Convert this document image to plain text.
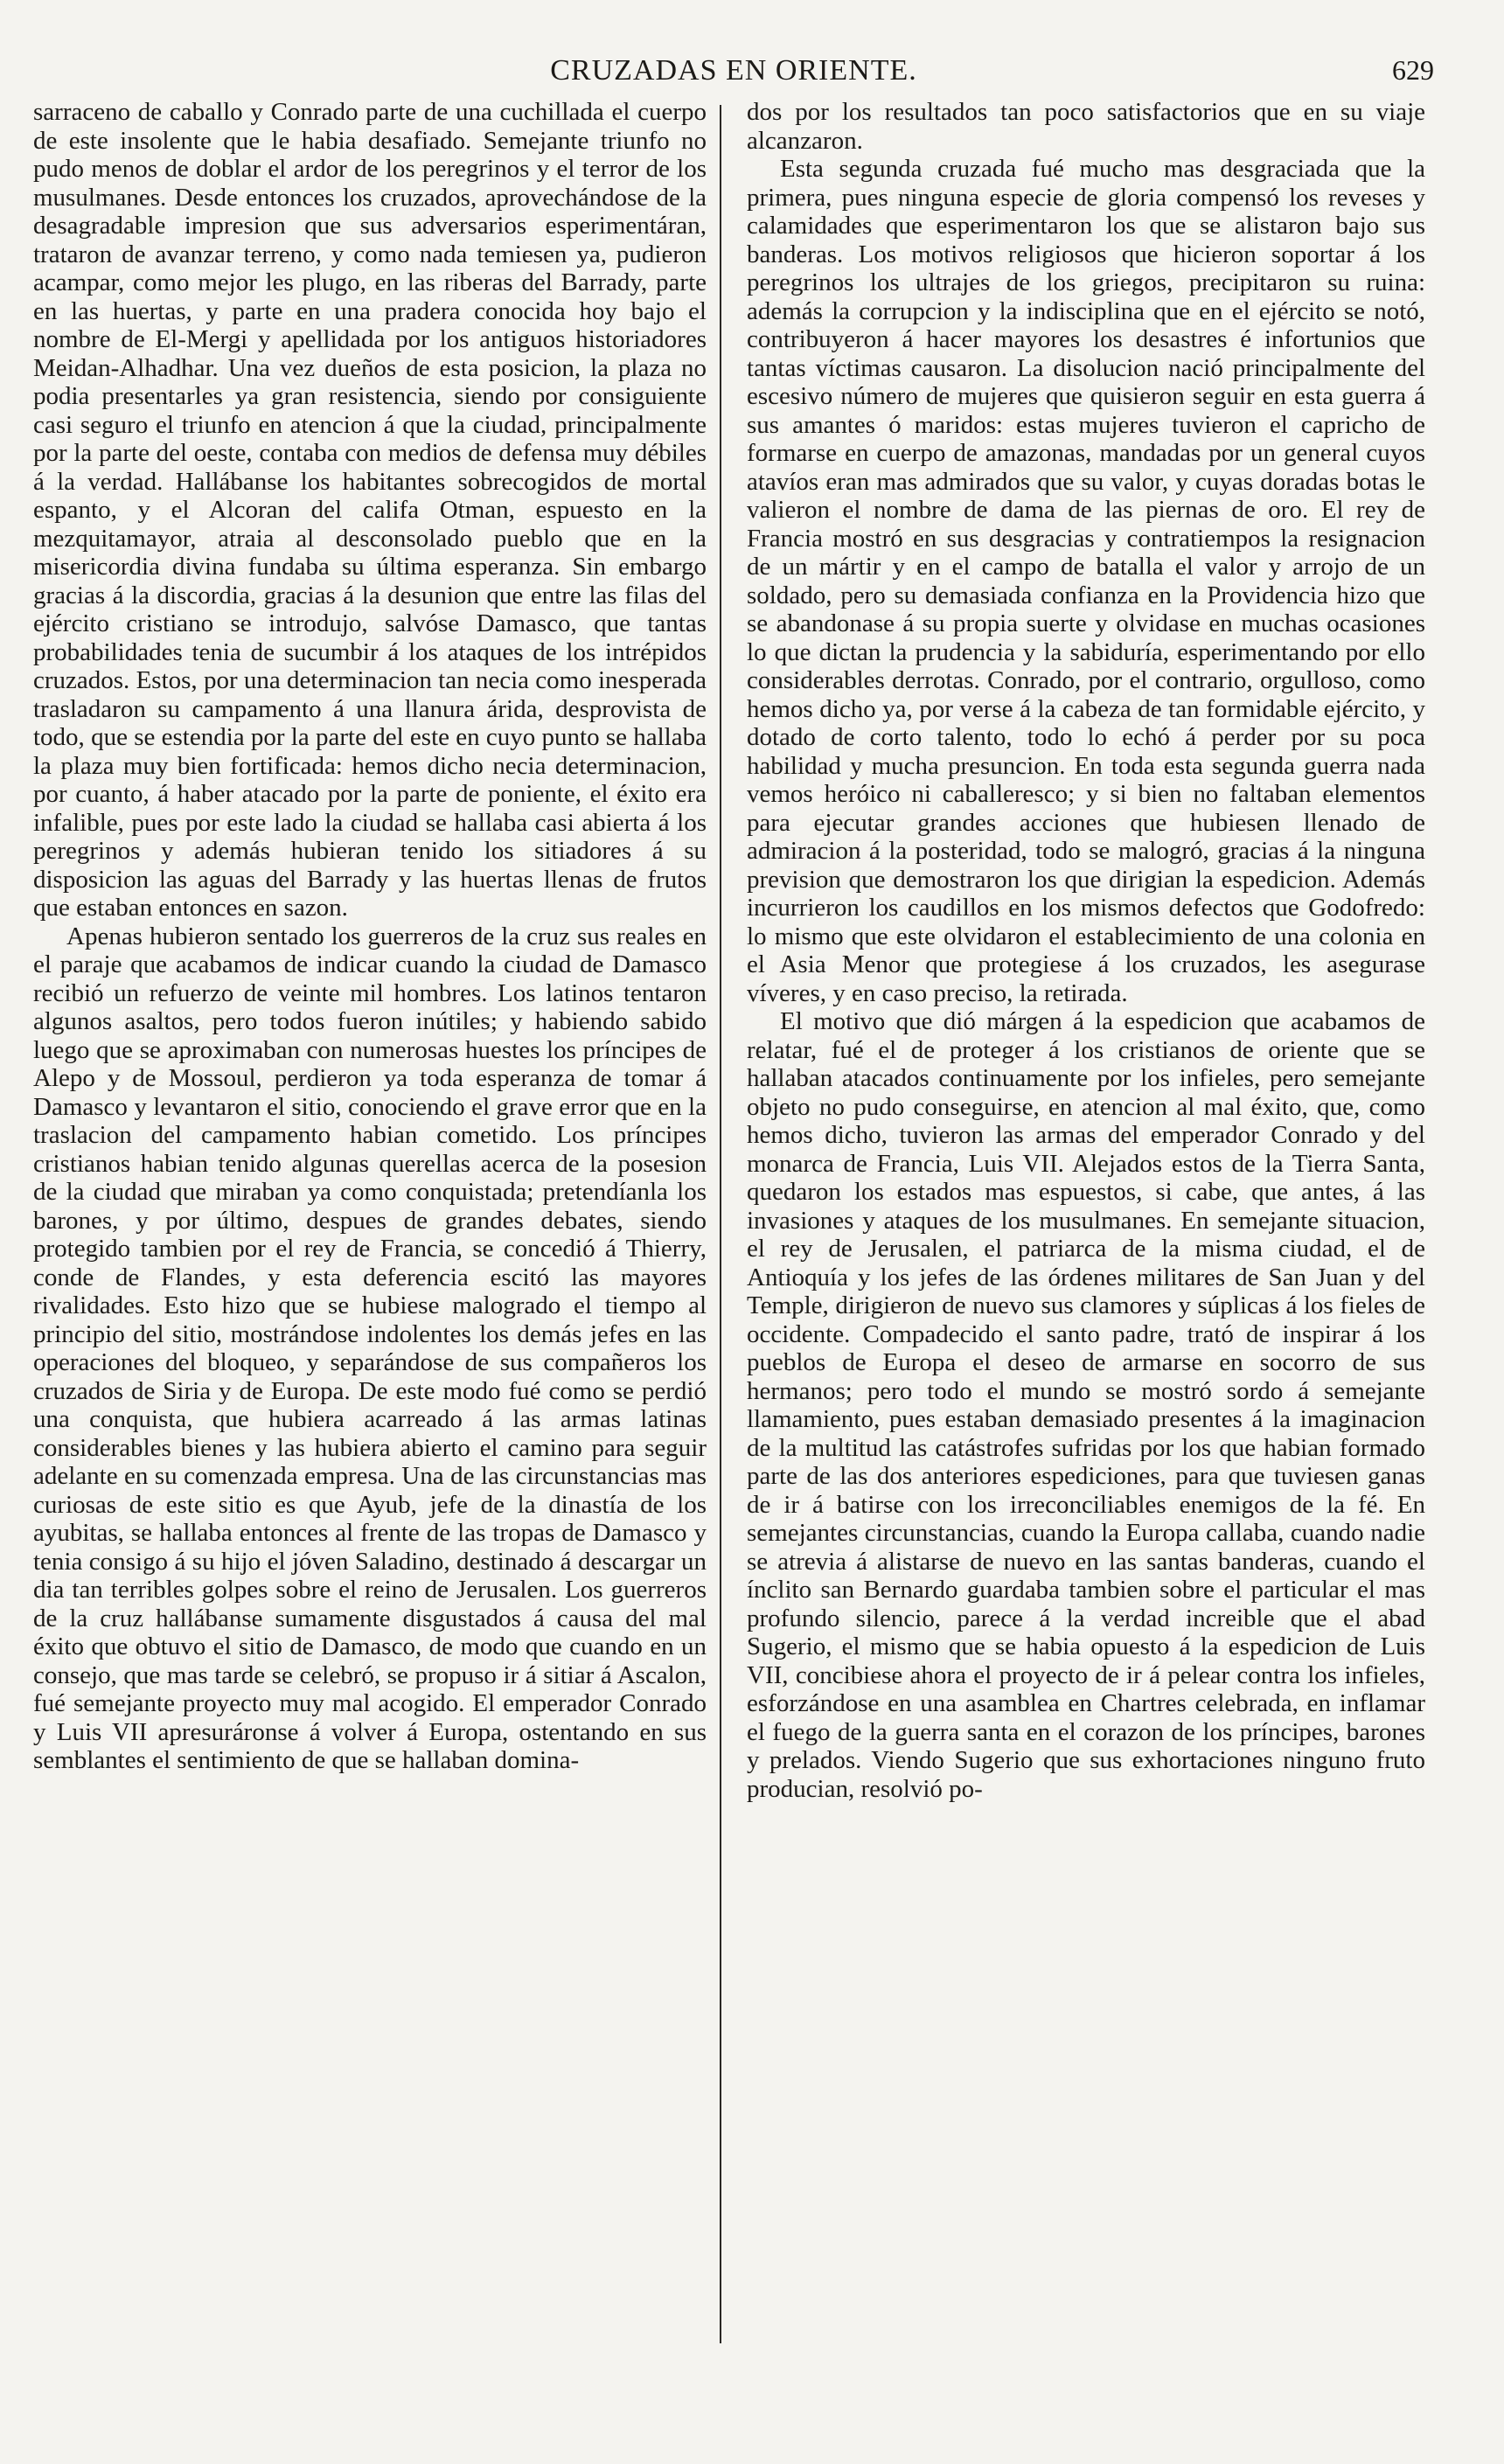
CRUZADAS EN ORIENTE.	629

sarraceno de caballo y Conrado parte de una cuchillada el cuerpo de este insolente que le habia desafiado. Semejante triunfo no pudo menos de doblar el ardor de los peregrinos y el terror de los musulmanes. Desde entonces los cruzados, aprovechándose de la desagradable impresion que sus adversarios esperimentáran, trataron de avanzar terreno, y como nada temiesen ya, pudieron acampar, como mejor les plugo, en las riberas del Barrady, parte en las huertas, y parte en una pradera conocida hoy bajo el nombre de El-Mergi y apellidada por los antiguos historiadores Meidan-Alhadhar. Una vez dueños de esta posicion, la plaza no podia presentarles ya gran resistencia, siendo por consiguiente casi seguro el triunfo en atencion á que la ciudad, principalmente por la parte del oeste, contaba con medios de defensa muy débiles á la verdad. Hallábanse los habitantes sobrecogidos de mortal espanto, y el Alcoran del califa Otman, espuesto en la mezquitamayor, atraia al desconsolado pueblo que en la misericordia divina fundaba su última esperanza. Sin embargo gracias á la discordia, gracias á la desunion que entre las filas del ejército cristiano se introdujo, salvóse Damasco, que tantas probabilidades tenia de sucumbir á los ataques de los intrépidos cruzados. Estos, por una determinacion tan necia como inesperada trasladaron su campamento á una llanura árida, desprovista de todo, que se estendia por la parte del este en cuyo punto se hallaba la plaza muy bien fortificada: hemos dicho necia determinacion, por cuanto, á haber atacado por la parte de poniente, el éxito era infalible, pues por este lado la ciudad se hallaba casi abierta á los peregrinos y además hubieran tenido los sitiadores á su disposicion las aguas del Barrady y las huertas llenas de frutos que estaban entonces en sazon.

Apenas hubieron sentado los guerreros de la cruz sus reales en el paraje que acabamos de indicar cuando la ciudad de Damasco recibió un refuerzo de veinte mil hombres. Los latinos tentaron algunos asaltos, pero todos fueron inútiles; y habiendo sabido luego que se aproximaban con numerosas huestes los príncipes de Alepo y de Mossoul, perdieron ya toda esperanza de tomar á Damasco y levantaron el sitio, conociendo el grave error que en la traslacion del campamento habian cometido. Los príncipes cristianos habian tenido algunas querellas acerca de la posesion de la ciudad que miraban ya como conquistada; pretendíanla los barones, y por último, despues de grandes debates, siendo protegido tambien por el rey de Francia, se concedió á Thierry, conde de Flandes, y esta deferencia escitó las mayores rivalidades. Esto hizo que se hubiese malogrado el tiempo al principio del sitio, mostrándose indolentes los demás jefes en las operaciones del bloqueo, y separándose de sus compañeros los cruzados de Siria y de Europa. De este modo fué como se perdió una conquista, que hubiera acarreado á las armas latinas considerables bienes y las hubiera abierto el camino para seguir adelante en su comenzada empresa. Una de las circunstancias mas curiosas de este sitio es que Ayub, jefe de la dinastía de los ayubitas, se hallaba entonces al frente de las tropas de Damasco y tenia consigo á su hijo el jóven Saladino, destinado á descargar un dia tan terribles golpes sobre el reino de Jerusalen. Los guerreros de la cruz hallábanse sumamente disgustados á causa del mal éxito que obtuvo el sitio de Damasco, de modo que cuando en un consejo, que mas tarde se celebró, se propuso ir á sitiar á Ascalon, fué semejante proyecto muy mal acogido. El emperador Conrado y Luis VII apresuráronse á volver á Europa, ostentando en sus semblantes el sentimiento de que se hallaban domina-

dos por los resultados tan poco satisfactorios que en su viaje alcanzaron.

Esta segunda cruzada fué mucho mas desgraciada que la primera, pues ninguna especie de gloria compensó los reveses y calamidades que esperimentaron los que se alistaron bajo sus banderas. Los motivos religiosos que hicieron soportar á los peregrinos los ultrajes de los griegos, precipitaron su ruina: además la corrupcion y la indisciplina que en el ejército se notó, contribuyeron á hacer mayores los desastres é infortunios que tantas víctimas causaron. La disolucion nació principalmente del escesivo número de mujeres que quisieron seguir en esta guerra á sus amantes ó maridos: estas mujeres tuvieron el capricho de formarse en cuerpo de amazonas, mandadas por un general cuyos atavíos eran mas admirados que su valor, y cuyas doradas botas le valieron el nombre de dama de las piernas de oro. El rey de Francia mostró en sus desgracias y contratiempos la resignacion de un mártir y en el campo de batalla el valor y arrojo de un soldado, pero su demasiada confianza en la Providencia hizo que se abandonase á su propia suerte y olvidase en muchas ocasiones lo que dictan la prudencia y la sabiduría, esperimentando por ello considerables derrotas. Conrado, por el contrario, orgulloso, como hemos dicho ya, por verse á la cabeza de tan formidable ejército, y dotado de corto talento, todo lo echó á perder por su poca habilidad y mucha presuncion. En toda esta segunda guerra nada vemos heróico ni caballeresco; y si bien no faltaban elementos para ejecutar grandes acciones que hubiesen llenado de admiracion á la posteridad, todo se malogró, gracias á la ninguna prevision que demostraron los que dirigian la espedicion. Además incurrieron los caudillos en los mismos defectos que Godofredo: lo mismo que este olvidaron el establecimiento de una colonia en el Asia Menor que protegiese á los cruzados, les asegurase víveres, y en caso preciso, la retirada.

El motivo que dió márgen á la espedicion que acabamos de relatar, fué el de proteger á los cristianos de oriente que se hallaban atacados continuamente por los infieles, pero semejante objeto no pudo conseguirse, en atencion al mal éxito, que, como hemos dicho, tuvieron las armas del emperador Conrado y del monarca de Francia, Luis VII. Alejados estos de la Tierra Santa, quedaron los estados mas espuestos, si cabe, que antes, á las invasiones y ataques de los musulmanes. En semejante situacion, el rey de Jerusalen, el patriarca de la misma ciudad, el de Antioquía y los jefes de las órdenes militares de San Juan y del Temple, dirigieron de nuevo sus clamores y súplicas á los fieles de occidente. Compadecido el santo padre, trató de inspirar á los pueblos de Europa el deseo de armarse en socorro de sus hermanos; pero todo el mundo se mostró sordo á semejante llamamiento, pues estaban demasiado presentes á la imaginacion de la multitud las catástrofes sufridas por los que habian formado parte de las dos anteriores espediciones, para que tuviesen ganas de ir á batirse con los irreconciliables enemigos de la fé. En semejantes circunstancias, cuando la Europa callaba, cuando nadie se atrevia á alistarse de nuevo en las santas banderas, cuando el ínclito san Bernardo guardaba tambien sobre el particular el mas profundo silencio, parece á la verdad increible que el abad Sugerio, el mismo que se habia opuesto á la espedicion de Luis VII, concibiese ahora el proyecto de ir á pelear contra los infieles, esforzándose en una asamblea en Chartres celebrada, en inflamar el fuego de la guerra santa en el corazon de los príncipes, barones y prelados. Viendo Sugerio que sus exhortaciones ninguno fruto producian, resolvió po-
